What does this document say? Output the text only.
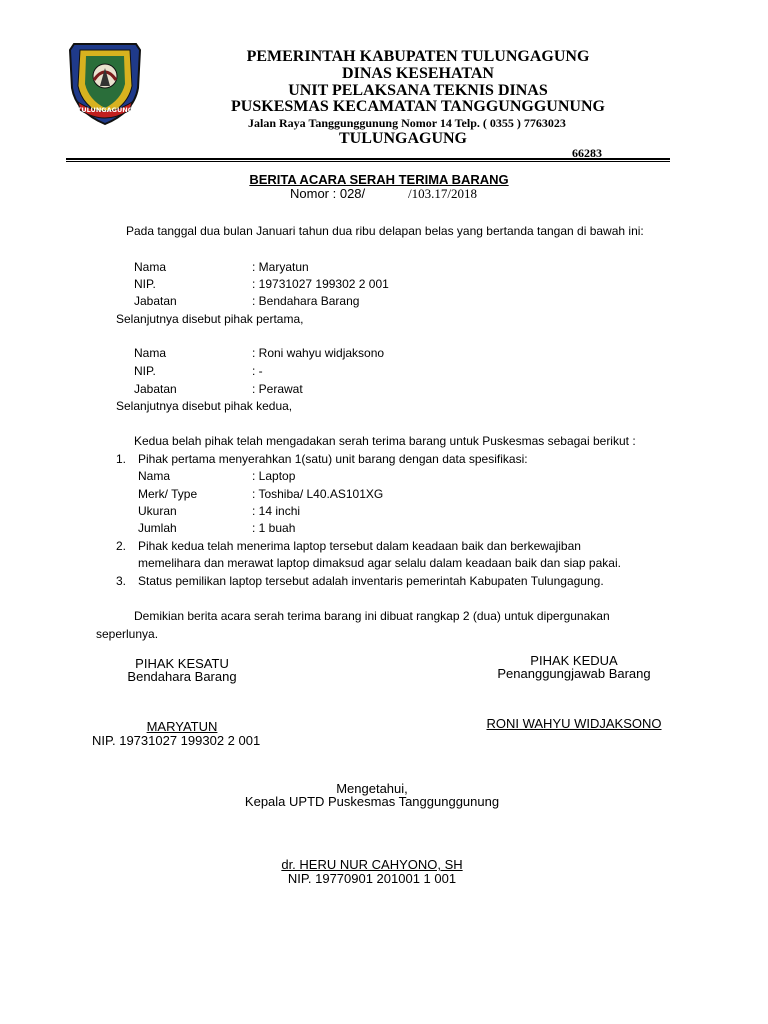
TULUNGAGUNG
PEMERINTAH KABUPATEN TULUNGAGUNG
DINAS KESEHATAN
UNIT PELAKSANA TEKNIS DINAS
PUSKESMAS KECAMATAN TANGGUNGGUNUNG
Jalan Raya Tanggunggunung Nomor 14 Telp. ( 0355 ) 7763023
TULUNGAGUNG
66283
BERITA ACARA SERAH TERIMA BARANG
Nomor : 028/	/103.17/2018
Pada tanggal dua bulan Januari tahun dua ribu delapan belas yang bertanda tangan di bawah ini:
Nama	: Maryatun
NIP.	: 19731027 199302 2 001
Jabatan	: Bendahara Barang
Selanjutnya disebut pihak pertama,
Nama	: Roni wahyu widjaksono
NIP.	: -
Jabatan	: Perawat
Selanjutnya disebut pihak kedua,
Kedua belah pihak telah mengadakan serah terima barang untuk Puskesmas sebagai berikut :
1. Pihak pertama menyerahkan 1(satu) unit barang dengan data spesifikasi:
Nama	: Laptop
Merk/ Type	: Toshiba/ L40.AS101XG
Ukuran	: 14 inchi
Jumlah	: 1 buah
2. Pihak kedua telah menerima laptop tersebut dalam keadaan baik dan berkewajiban
memelihara dan merawat laptop dimaksud agar selalu dalam keadaan baik dan siap pakai.
3. Status pemilikan laptop tersebut adalah inventaris pemerintah Kabupaten Tulungagung.
Demikian berita acara serah terima barang ini dibuat rangkap 2 (dua) untuk dipergunakan
seperlunya.
PIHAK KESATU
Bendahara Barang
PIHAK KEDUA
Penanggungjawab Barang
MARYATUN
NIP. 19731027 199302 2 001
RONI WAHYU WIDJAKSONO
Mengetahui,
Kepala UPTD Puskesmas Tanggunggunung
dr. HERU NUR CAHYONO, SH
NIP. 19770901 201001 1 001
